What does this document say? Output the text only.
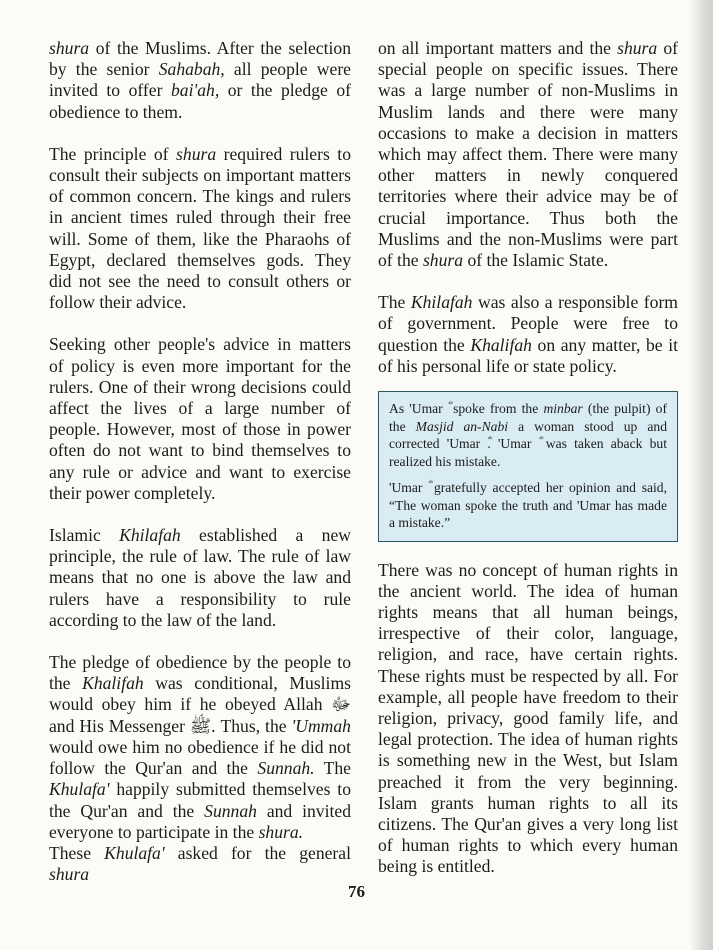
shura of the Muslims. After the selection by the senior Sahabah, all people were invited to offer bai'ah, or the pledge of obedience to them.

The principle of shura required rulers to consult their subjects on important matters of common concern. The kings and rulers in ancient times ruled through their free will. Some of them, like the Pharaohs of Egypt, declared themselves gods. They did not see the need to consult others or follow their advice.

Seeking other people's advice in matters of policy is even more important for the rulers. One of their wrong decisions could affect the lives of a large number of people. However, most of those in power often do not want to bind themselves to any rule or advice and want to exercise their power completely.

Islamic Khilafah established a new principle, the rule of law. The rule of law means that no one is above the law and rulers have a responsibility to rule according to the law of the land.

The pledge of obedience by the people to the Khalifah was conditional, Muslims would obey him if he obeyed Allah ﷻ and His Messenger ﷺ. Thus, the 'Ummah would owe him no obedience if he did not follow the Qur'an and the Sunnah. The Khulafa' happily submitted themselves to the Qur'an and the Sunnah and invited everyone to participate in the shura.

These Khulafa' asked for the general shura

on all important matters and the shura of special people on specific issues. There was a large number of non-Muslims in Muslim lands and there were many occasions to make a decision in matters which may affect them. There were many other matters in newly conquered territories where their advice may be of crucial importance. Thus both the Muslims and the non-Muslims were part of the shura of the Islamic State.

The Khilafah was also a responsible form of government. People were free to question the Khalifah on any matter, be it of his personal life or state policy.

As 'Umar spoke from the minbar (the pulpit) of the Masjid an-Nabi a woman stood up and corrected 'Umar . 'Umar was taken aback but realized his mistake.

'Umar gratefully accepted her opinion and said, “The woman spoke the truth and 'Umar has made a mistake.”

There was no concept of human rights in the ancient world. The idea of human rights means that all human beings, irrespective of their color, language, religion, and race, have certain rights. These rights must be respected by all. For example, all people have freedom to their religion, privacy, good family life, and legal protection. The idea of human rights is something new in the West, but Islam preached it from the very beginning. Islam grants human rights to all its citizens. The Qur'an gives a very long list of human rights to which every human being is entitled.

76
